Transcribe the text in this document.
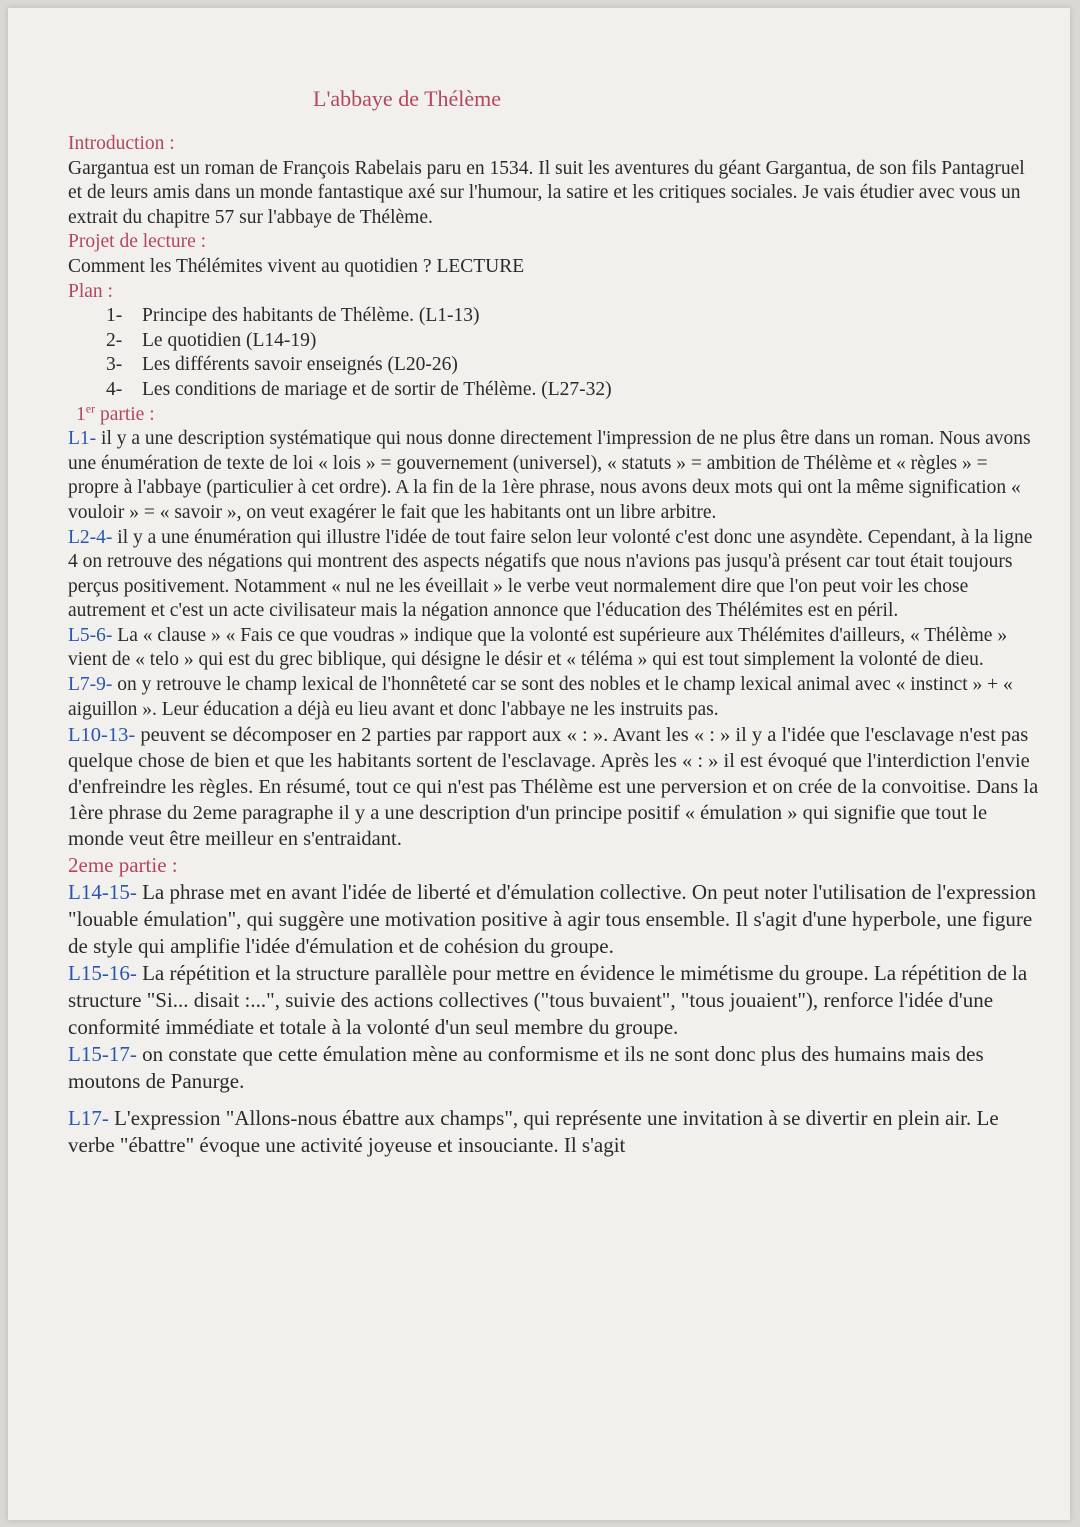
L'abbaye de Thélème
Introduction :

Gargantua est un roman de François Rabelais paru en 1534. Il suit les aventures du géant Gargantua, de son fils Pantagruel et de leurs amis dans un monde fantastique axé sur l'humour, la satire et les critiques sociales. Je vais étudier avec vous un extrait du chapitre 57 sur l'abbaye de Thélème.

Projet de lecture :

Comment les Thélémites vivent au quotidien ? LECTURE

Plan :
1-	Principe des habitants de Thélème. (L1-13)
2-	Le quotidien (L14-19)
3-	Les différents savoir enseignés (L20-26)
4-	Les conditions de mariage et de sortir de Thélème. (L27-32)
1er partie :

L1- il y a une description systématique qui nous donne directement l'impression de ne plus être dans un roman. Nous avons une énumération de texte de loi « lois » = gouvernement (universel), « statuts » = ambition de Thélème et « règles » = propre à l'abbaye (particulier à cet ordre). A la fin de la 1ère phrase, nous avons deux mots qui ont la même signification « vouloir » = « savoir », on veut exagérer le fait que les habitants ont un libre arbitre.

L2-4- il y a une énumération qui illustre l'idée de tout faire selon leur volonté c'est donc une asyndète. Cependant, à la ligne 4 on retrouve des négations qui montrent des aspects négatifs que nous n'avions pas jusqu'à présent car tout était toujours perçus positivement. Notamment « nul ne les éveillait » le verbe veut normalement dire que l'on peut voir les chose autrement et c'est un acte civilisateur mais la négation annonce que l'éducation des Thélémites est en péril.

L5-6- La « clause » « Fais ce que voudras » indique que la volonté est supérieure aux Thélémites d'ailleurs, « Thélème » vient de « telo » qui est du grec biblique, qui désigne le désir et « téléma » qui est tout simplement la volonté de dieu.

L7-9- on y retrouve le champ lexical de l'honnêteté car se sont des nobles et le champ lexical animal avec « instinct » + « aiguillon ». Leur éducation a déjà eu lieu avant et donc l'abbaye ne les instruits pas.

L10-13- peuvent se décomposer en 2 parties par rapport aux « : ». Avant les « : » il y a l'idée que l'esclavage n'est pas quelque chose de bien et que les habitants sortent de l'esclavage. Après les « : » il est évoqué que l'interdiction l'envie d'enfreindre les règles. En résumé, tout ce qui n'est pas Thélème est une perversion et on crée de la convoitise. Dans la 1ère phrase du 2eme paragraphe il y a une description d'un principe positif « émulation » qui signifie que tout le monde veut être meilleur en s'entraidant.

2eme partie :

L14-15- La phrase met en avant l'idée de liberté et d'émulation collective. On peut noter l'utilisation de l'expression "louable émulation", qui suggère une motivation positive à agir tous ensemble. Il s'agit d'une hyperbole, une figure de style qui amplifie l'idée d'émulation et de cohésion du groupe.

L15-16- La répétition et la structure parallèle pour mettre en évidence le mimétisme du groupe. La répétition de la structure "Si... disait :...", suivie des actions collectives ("tous buvaient", "tous jouaient"), renforce l'idée d'une conformité immédiate et totale à la volonté d'un seul membre du groupe.

L15-17- on constate que cette émulation mène au conformisme et ils ne sont donc plus des humains mais des moutons de Panurge.

L17- L'expression "Allons-nous ébattre aux champs", qui représente une invitation à se divertir en plein air. Le verbe "ébattre" évoque une activité joyeuse et insouciante. Il s'agit
